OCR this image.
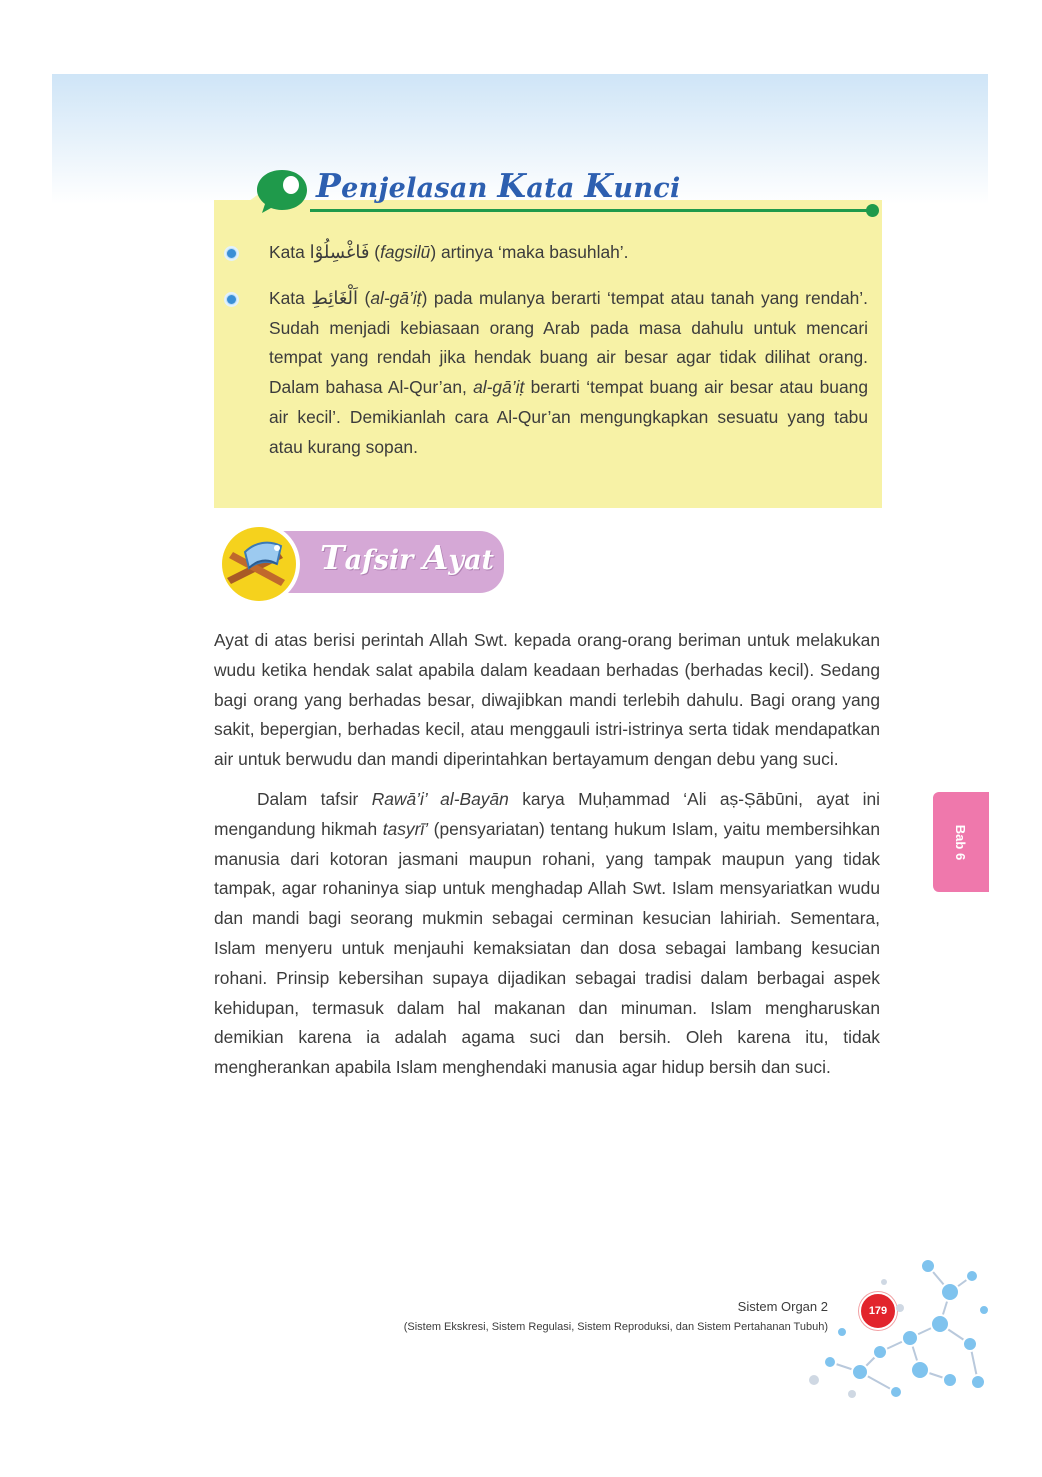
Penjelasan Kata Kunci
Kata فَاغْسِلُوْا (fagsilū) artinya ‘maka basuhlah’.
Kata اَلْغَائِطِ (al-gā’iṭ) pada mulanya berarti ‘tempat atau tanah yang rendah’. Sudah menjadi kebiasaan orang Arab pada masa dahulu untuk mencari tempat yang rendah jika hendak buang air besar agar tidak dilihat orang. Dalam bahasa Al-Qur’an, al-gā’iṭ berarti ‘tempat buang air besar atau buang air kecil’. Demikianlah cara Al-Qur’an mengungkapkan sesuatu yang tabu atau kurang sopan.
Tafsir Ayat

Ayat di atas berisi perintah Allah Swt. kepada orang-orang beriman untuk melakukan wudu ketika hendak salat apabila dalam keadaan berhadas (berhadas kecil). Sedang bagi orang yang berhadas besar, diwajibkan mandi terlebih dahulu. Bagi orang yang sakit, bepergian, berhadas kecil, atau menggauli istri-istrinya serta tidak mendapatkan air untuk berwudu dan mandi diperintahkan bertayamum dengan debu yang suci.

Dalam tafsir Rawā’i’ al-Bayān karya Muḥammad ‘Ali aṣ-Ṣābūni, ayat ini mengandung hikmah tasyrī’ (pensyariatan) tentang hukum Islam, yaitu membersihkan manusia dari kotoran jasmani maupun rohani, yang tampak maupun yang tidak tampak, agar rohaninya siap untuk menghadap Allah Swt. Islam mensyariatkan wudu dan mandi bagi seorang mukmin sebagai cerminan kesucian lahiriah. Sementara, Islam menyeru untuk menjauhi kemaksiatan dan dosa sebagai lambang kesucian rohani. Prinsip kebersihan supaya dijadikan sebagai tradisi dalam berbagai aspek kehidupan, termasuk dalam hal makanan dan minuman. Islam mengharuskan demikian karena ia adalah agama suci dan bersih. Oleh karena itu, tidak mengherankan apabila Islam menghendaki manusia agar hidup bersih dan suci.

Bab 6
Sistem Organ 2
(Sistem Ekskresi, Sistem Regulasi, Sistem Reproduksi, dan Sistem Pertahanan Tubuh)
179
